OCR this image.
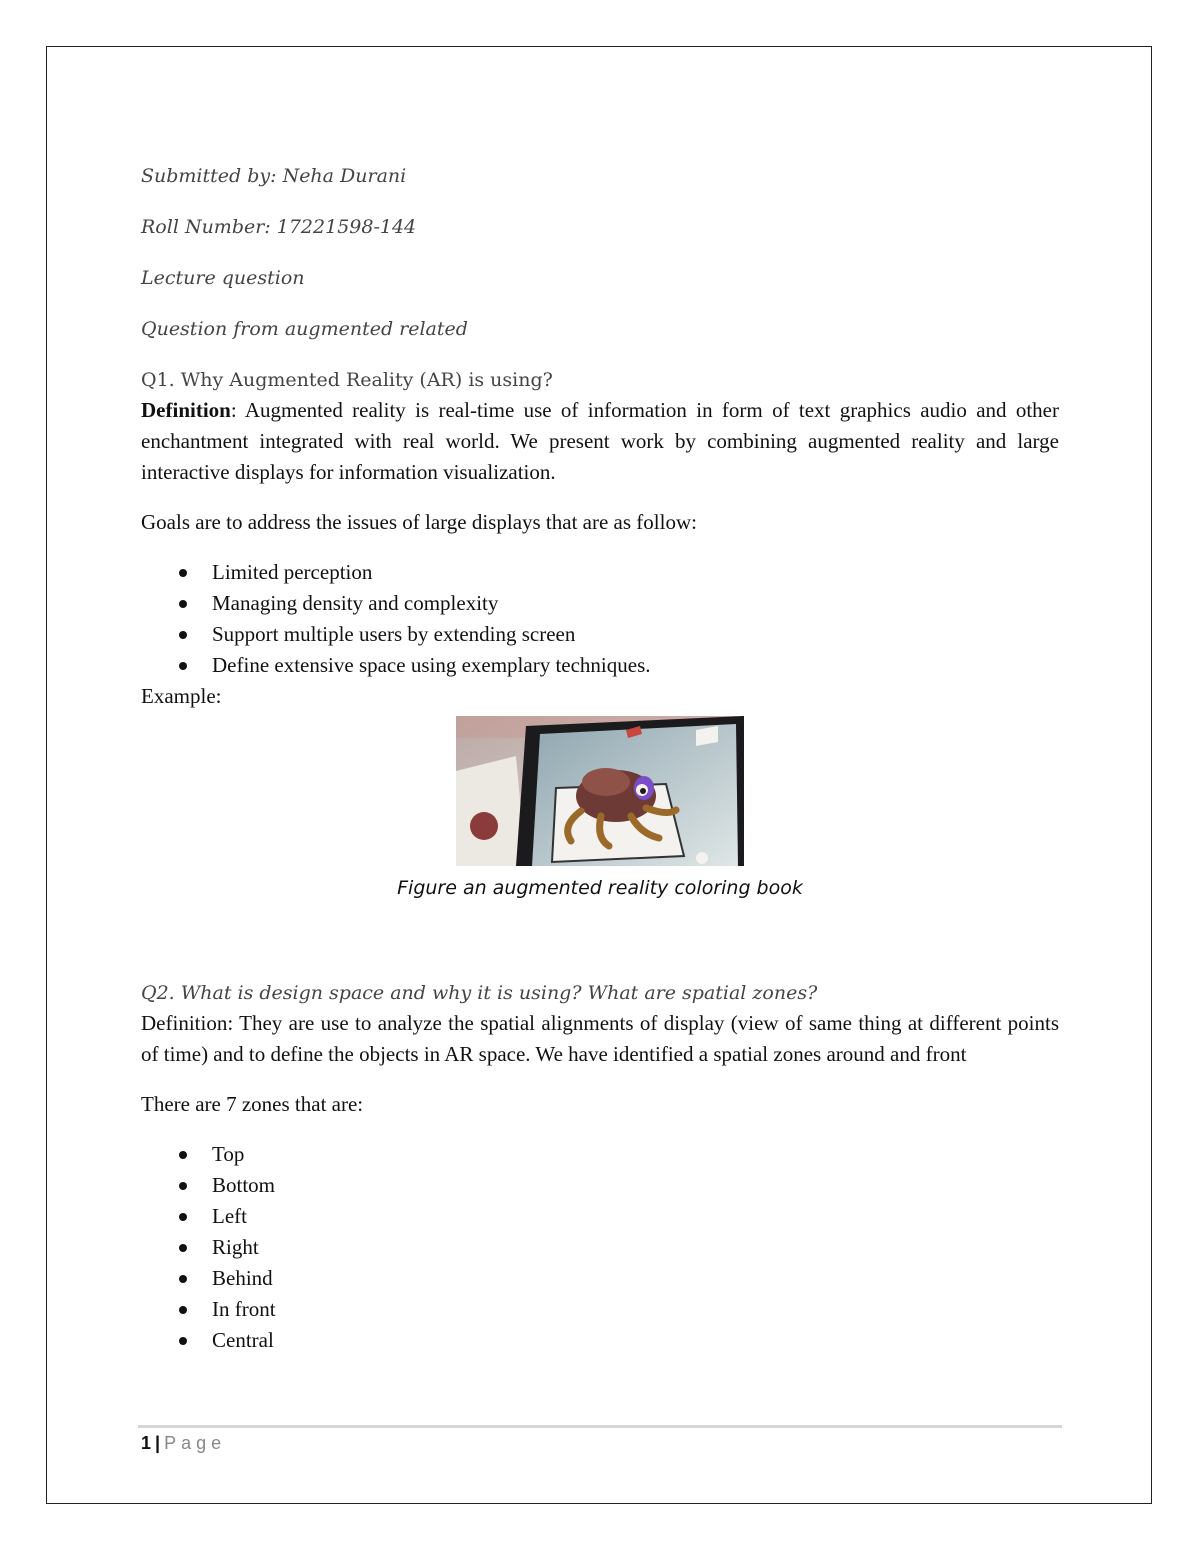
Submitted by: Neha Durani

Roll Number: 17221598-144

Lecture question

Question from augmented related

Q1. Why Augmented Reality (AR) is using?

Definition: Augmented reality is real-time use of information in form of text graphics audio and other enchantment integrated with real world. We present work by combining augmented reality and large interactive displays for information visualization.

Goals are to address the issues of large displays that are as follow:

Limited perception
Managing density and complexity
Support multiple users by extending screen
Define extensive space using exemplary techniques.

Example:

Figure an augmented reality coloring book

Q2. What is design space and why it is using? What are spatial zones?

Definition: They are use to analyze the spatial alignments of display (view of same thing at different points of time) and to define the objects in AR space. We have identified a spatial zones around and front

There are 7 zones that are:

Top
Bottom
Left
Right
Behind
In front
Central
1 | Page
